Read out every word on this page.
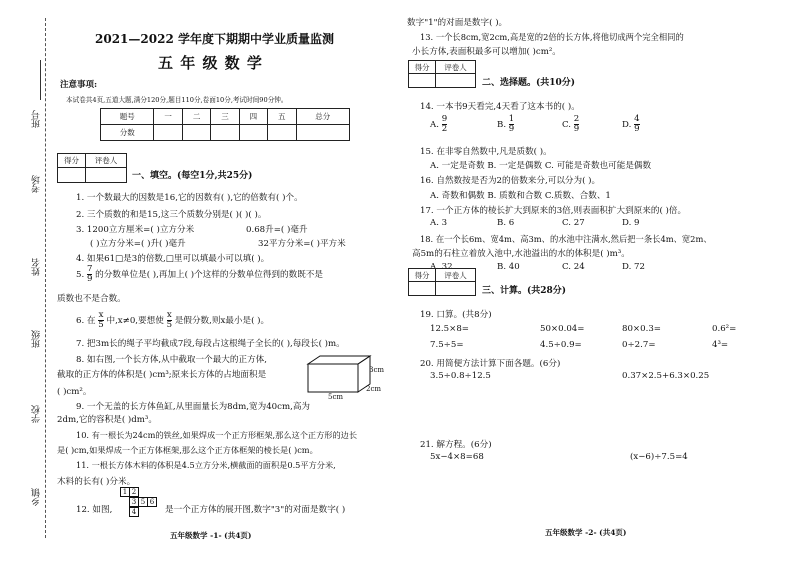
班号
考场
姓名
班级
学校
乡镇
2021—2022 学年度下期期中学业质量监测
五 年 级 数 学
注意事项:
本试卷共4页,五道大题,满分120分,题目110分,卷面10分,考试时间90分钟。
题号	一	二	三	四	五	总分
分数						
得分	评卷人

一、填空。(每空1分,共25分)
1. 一个数最大的因数是16,它的因数有( ),它的倍数有( )个。
2. 三个质数的和是15,这三个质数分别是( )( )( )。
3. 1200立方厘米=( )立方分米	0.68升=( )毫升
( )立方分米=( )升( )毫升	32平方分米=( )平方米
4. 如果61□是3的倍数,□里可以填最小可以填( )。
5. $\frac{7}{9}$ 的分数单位是( ),再加上( )个这样的分数单位得到的数既不是
质数也不是合数。
6. 在 $\frac{x}{5}$ 中,x≠0,要想使 $\frac{x}{5}$ 是假分数,则x最小是( )。
7. 把3m长的绳子平均截成7段,每段占这根绳子全长的( ),每段长( )m。
8. 如右图,一个长方体,从中截取一个最大的正方体,
截取的正方体的体积是( )cm³;原来长方体的占地面积是
( )cm²。
3cm
2cm
5cm
9. 一个无盖的长方体鱼缸,从里面量长为8dm,宽为40cm,高为
2dm,它的容积是( )dm³。
10. 有一根长为24cm的铁丝,如果焊成一个正方形框架,那么这个正方形的边长
是( )cm,如果焊成一个正方体框架,那么这个正方体框架的棱长是( )cm。
11. 一根长方体木料的体积是4.5立方分米,横截面的面积是0.5平方分米,
木料的长有( )分米。
12. 如图,
1 2
3 5 6
4	是一个正方体的展开图,数字"3"的对面是数字( )
五年级数学 -1- (共4页)
数字"1"的对面是数字( )。
13. 一个长8cm,宽2cm,高是宽的2倍的长方体,将他切成两个完全相同的
小长方体,表面积最多可以增加( )cm²。
得分	评卷人

二、选择题。(共10分)
14. 一本书9天看完,4天看了这本书的( )。
A. $\frac{9}{2}$	B. $\frac{1}{9}$	C. $\frac{2}{9}$	D. $\frac{4}{9}$
15. 在非零自然数中,凡是质数( )。
A. 一定是奇数 B. 一定是偶数 C. 可能是奇数也可能是偶数
16. 自然数按是否为2的倍数来分,可以分为( )。
A. 奇数和偶数 B. 质数和合数 C.质数、合数、1
17. 一个正方体的棱长扩大到原来的3倍,则表面积扩大到原来的( )倍。
A. 3	B. 6	C. 27	D. 9
18. 在一个长6m、宽4m、高3m、的水池中注满水,然后把一条长4m、宽2m、
高5m的石柱立着放入池中,水池溢出的水的体积是( )m³。
A. 32	B. 40	C. 24	D. 72
得分	评卷人

三、计算。(共28分)
19. 口算。(共8分)
12.5×8=	50×0.04=	80×0.3=	0.6²=
7.5÷5=	4.5÷0.9=	0÷2.7=	4³=
20. 用简便方法计算下面各题。(6分)
3.5÷0.8÷12.5	0.37×2.5+6.3×0.25
21. 解方程。(6分)
5x−4×8=68	(x−6)÷7.5=4
五年级数学 -2- (共4页)
